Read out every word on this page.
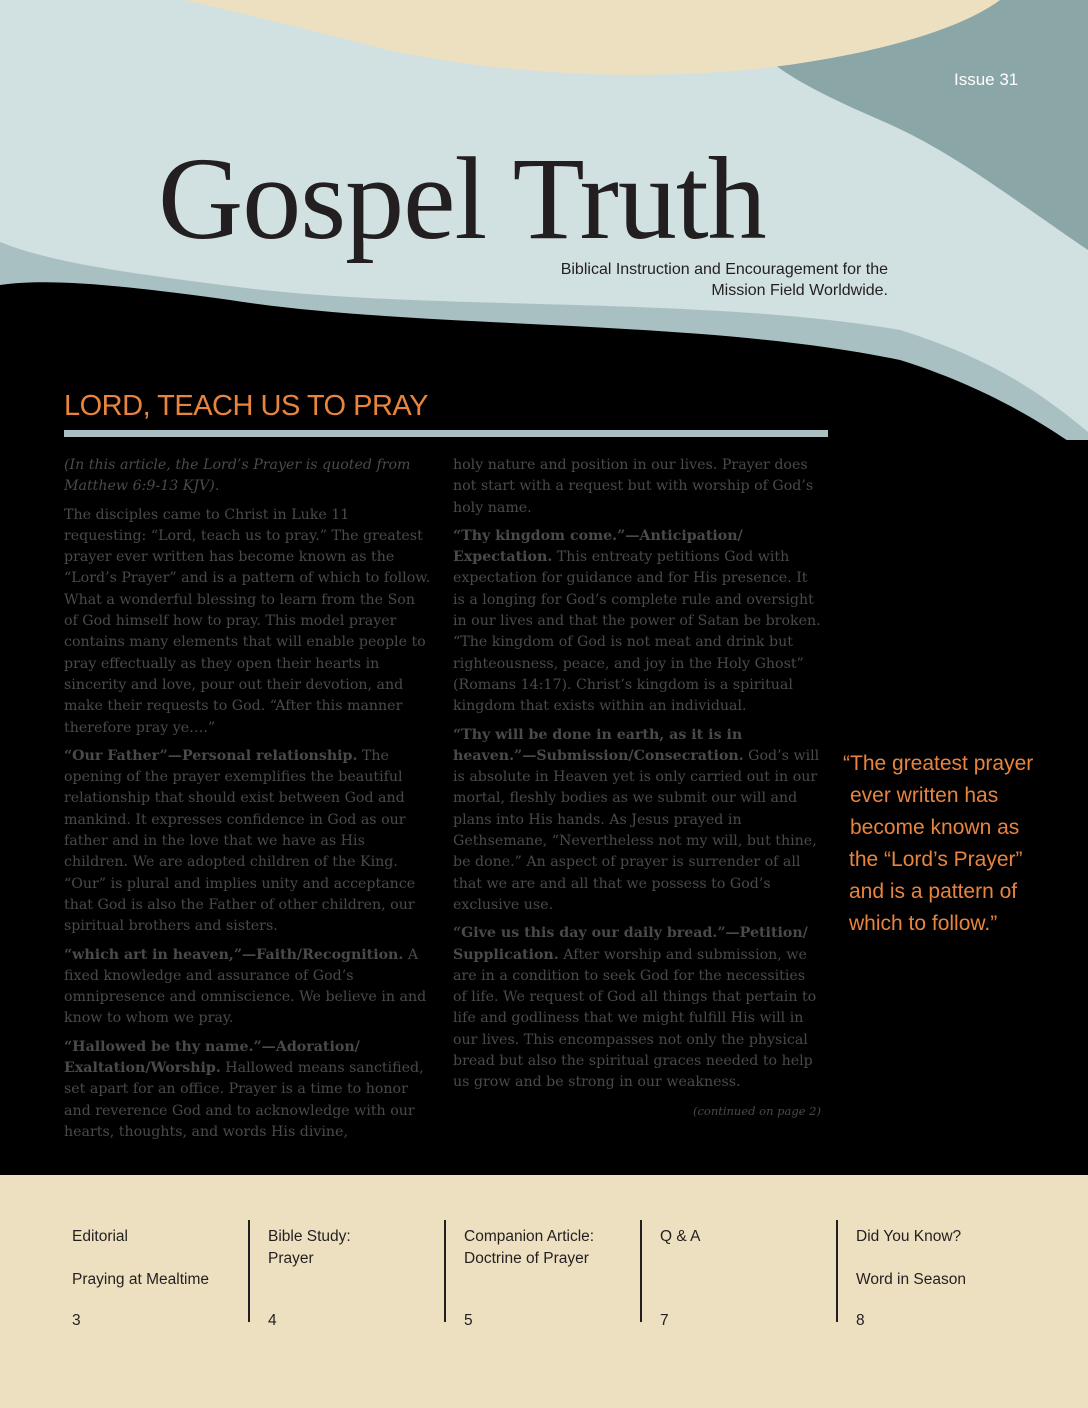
Issue 31
Gospel Truth
Biblical Instruction and Encouragement for the
Mission Field Worldwide.
LORD, TEACH US TO PRAY

(In this article, the Lord’s Prayer is quoted from Matthew 6:9-13 KJV).

The disciples came to Christ in Luke 11 requesting: “Lord, teach us to pray.” The greatest prayer ever written has become known as the “Lord’s Prayer” and is a pattern of which to follow. What a wonderful blessing to learn from the Son of God himself how to pray. This model prayer contains many elements that will enable people to pray effectually as they open their hearts in sincerity and love, pour out their devotion, and make their requests to God. “After this manner therefore pray ye….”

“Our Father”—Personal relationship. The opening of the prayer exemplifies the beautiful relationship that should exist between God and mankind. It expresses confidence in God as our father and in the love that we have as His children. We are adopted children of the King. “Our” is plural and implies unity and acceptance that God is also the Father of other children, our spiritual brothers and sisters.

“which art in heaven,”—Faith/Recognition. A fixed knowledge and assurance of God’s omnipresence and omniscience. We believe in and know to whom we pray.

“Hallowed be thy name.”—Adoration/ Exaltation/Worship. Hallowed means sanctified, set apart for an office. Prayer is a time to honor and reverence God and to acknowledge with our hearts, thoughts, and words His divine,

holy nature and position in our lives. Prayer does not start with a request but with worship of God’s holy name.

“Thy kingdom come.”—Anticipation/ Expectation. This entreaty petitions God with expectation for guidance and for His presence. It is a longing for God’s complete rule and oversight in our lives and that the power of Satan be broken. “The kingdom of God is not meat and drink but righteousness, peace, and joy in the Holy Ghost” (Romans 14:17). Christ’s kingdom is a spiritual kingdom that exists within an individual.

“Thy will be done in earth, as it is in heaven.”—Submission/Consecration. God’s will is absolute in Heaven yet is only carried out in our mortal, fleshly bodies as we submit our will and plans into His hands. As Jesus prayed in Gethsemane, “Nevertheless not my will, but thine, be done.” An aspect of prayer is surrender of all that we are and all that we possess to God’s exclusive use.

“Give us this day our daily bread.”—Petition/ Supplication. After worship and submission, we are in a condition to seek God for the necessities of life. We request of God all things that pertain to life and godliness that we might fulfill His will in our lives. This encompasses not only the physical bread but also the spiritual graces needed to help us grow and be strong in our weakness.

(continued on page 2)
“The greatest prayer
ever written has
become known as
the “Lord’s Prayer”
and is a pattern of
which to follow.”
Editorial

Praying at Mealtime
3
Bible Study:
Prayer
4
Companion Article:
Doctrine of Prayer
5
Q & A
7
Did You Know?

Word in Season
8
